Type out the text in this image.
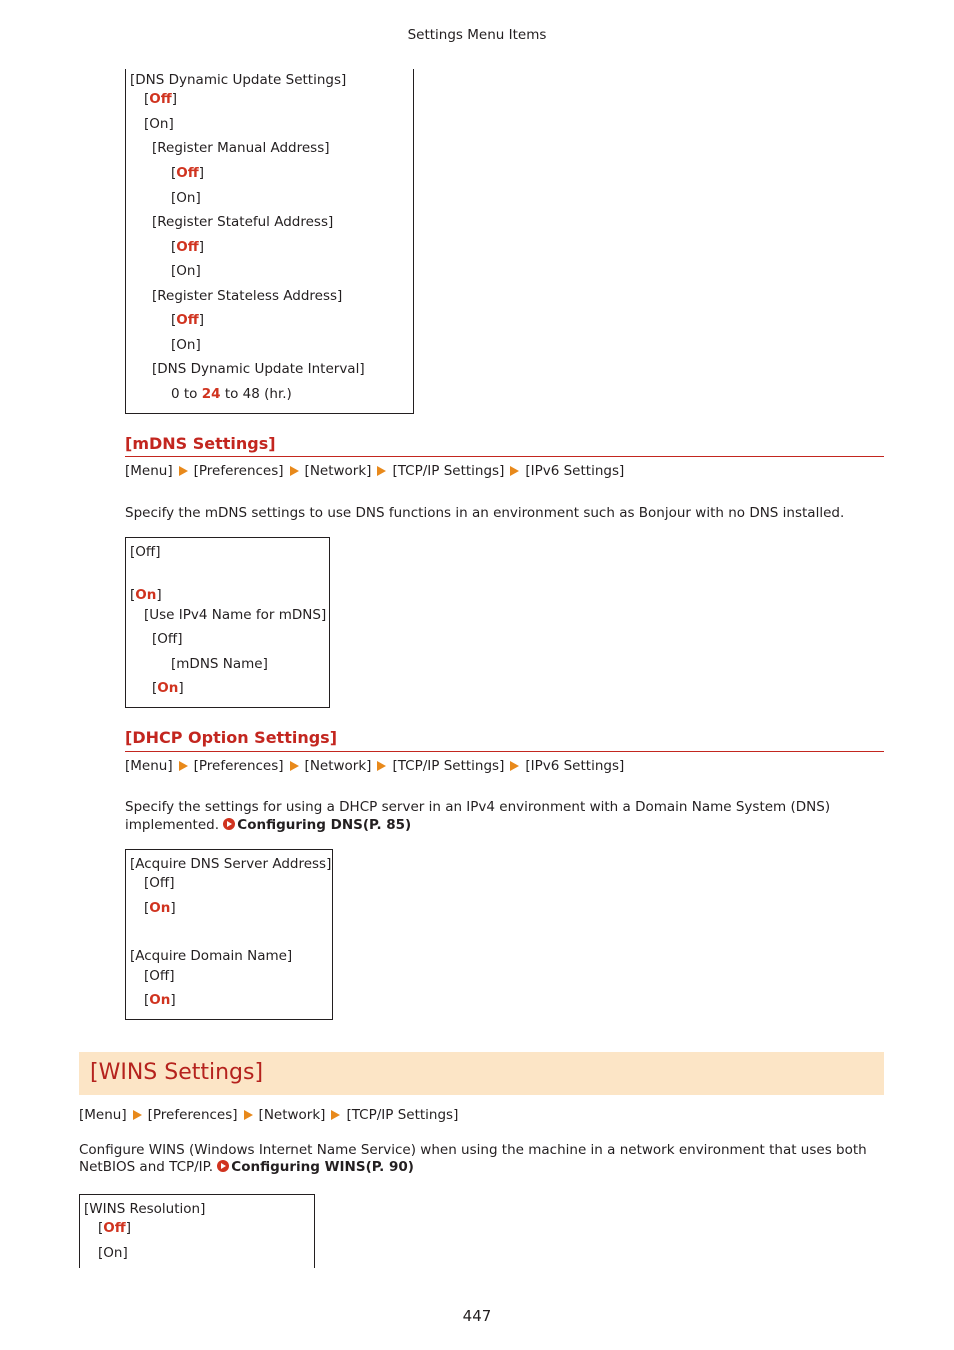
Settings Menu Items
[DNS Dynamic Update Settings]
[Off]
[On]
[Register Manual Address]
[Off]
[On]
[Register Stateful Address]
[Off]
[On]
[Register Stateless Address]
[Off]
[On]
[DNS Dynamic Update Interval]
0 to 24 to 48 (hr.)
[mDNS Settings]
[Menu] [Preferences] [Network] [TCP/IP Settings] [IPv6 Settings]
Specify the mDNS settings to use DNS functions in an environment such as Bonjour with no DNS installed.
[Off]
[On]
[Use IPv4 Name for mDNS]
[Off]
[mDNS Name]
[On]
[DHCP Option Settings]
[Menu] [Preferences] [Network] [TCP/IP Settings] [IPv6 Settings]
Specify the settings for using a DHCP server in an IPv4 environment with a Domain Name System (DNS)
implemented. Configuring DNS(P. 85)
[Acquire DNS Server Address]
[Off]
[On]
[Acquire Domain Name]
[Off]
[On]
[WINS Settings]
[Menu] [Preferences] [Network] [TCP/IP Settings]
Configure WINS (Windows Internet Name Service) when using the machine in a network environment that uses both
NetBIOS and TCP/IP. Configuring WINS(P. 90)
[WINS Resolution]
[Off]
[On]
447
